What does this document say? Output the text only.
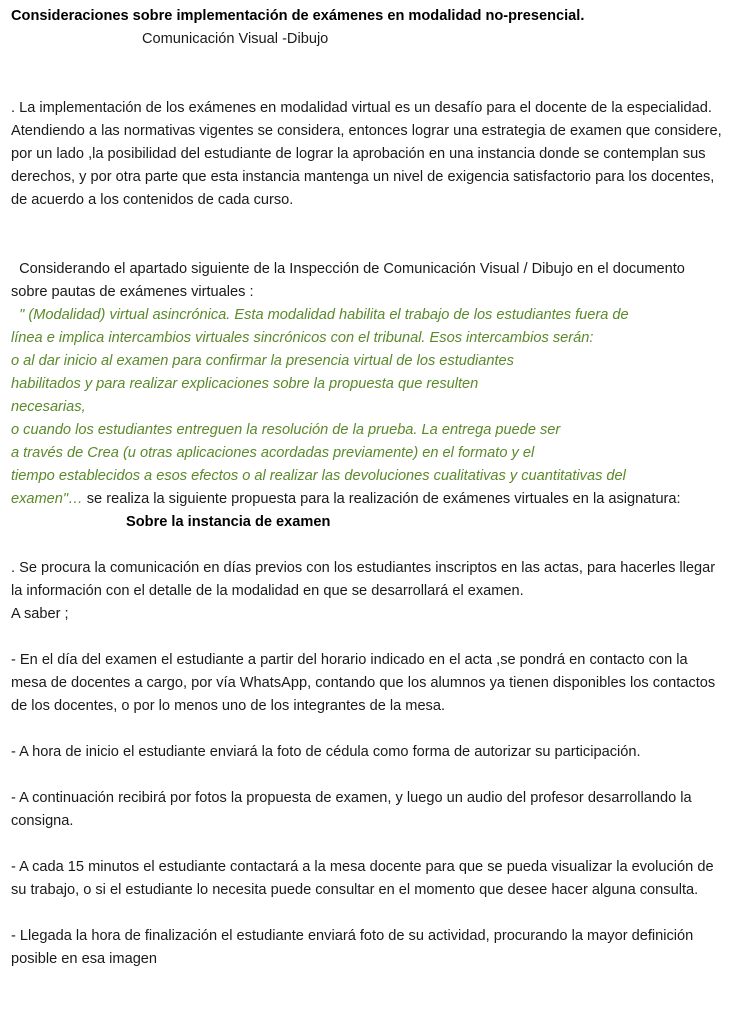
Consideraciones sobre implementación de exámenes en modalidad no-presencial.
Comunicación Visual -Dibujo

. La implementación de los exámenes en modalidad virtual es un desafío para el docente de la especialidad. Atendiendo a las normativas vigentes se considera, entonces lograr una estrategia de examen que considere, por un lado ,la posibilidad del estudiante de lograr la aprobación en una instancia donde se contemplan sus derechos, y por otra parte que esta instancia mantenga un nivel de exigencia satisfactorio para los docentes, de acuerdo a los contenidos de cada curso.

Considerando el apartado siguiente de la Inspección de Comunicación Visual / Dibujo en el documento sobre pautas de exámenes virtuales :

" (Modalidad) virtual asincrónica. Esta modalidad habilita el trabajo de los estudiantes fuera de
línea e implica intercambios virtuales sincrónicos con el tribunal. Esos intercambios serán:
o al dar inicio al examen para confirmar la presencia virtual de los estudiantes
habilitados y para realizar explicaciones sobre la propuesta que resulten
necesarias,
o cuando los estudiantes entreguen la resolución de la prueba. La entrega puede ser
a través de Crea (u otras aplicaciones acordadas previamente) en el formato y el
tiempo establecidos a esos efectos o al realizar las devoluciones cualitativas y cuantitativas del

examen"… se realiza la siguiente propuesta para la realización de exámenes virtuales en la asignatura:

Sobre la instancia de examen

. Se procura la comunicación en días previos con los estudiantes inscriptos en las actas, para hacerles llegar la información con el detalle de la modalidad en que se desarrollará el examen.

A saber ;

- En el día del examen el estudiante a partir del horario indicado en el acta ,se pondrá en contacto con la mesa de docentes a cargo, por vía WhatsApp, contando que los alumnos ya tienen disponibles los contactos de los docentes, o por lo menos uno de los integrantes de la mesa.

- A hora de inicio el estudiante enviará la foto de cédula como forma de autorizar su participación.

- A continuación recibirá por fotos la propuesta de examen, y luego un audio del profesor desarrollando la consigna.

- A cada 15 minutos el estudiante contactará a la mesa docente para que se pueda visualizar la evolución de su trabajo, o si el estudiante lo necesita puede consultar en el momento que desee hacer alguna consulta.

- Llegada la hora de finalización el estudiante enviará foto de su actividad, procurando la mayor definición posible en esa imagen
